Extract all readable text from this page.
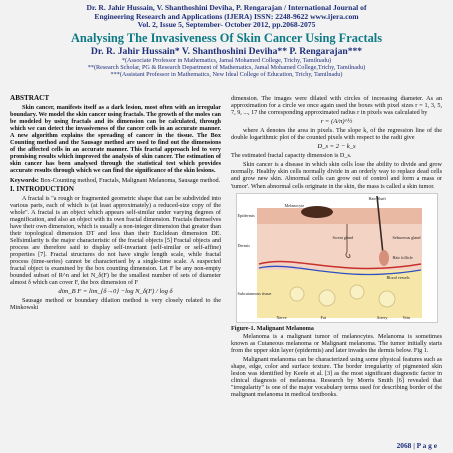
Dr. R. Jahir Hussain, V. Shanthoshini Deviha, P. Rengarajan / International Journal of
Engineering Research and Applications (IJERA) ISSN: 2248-9622 www.ijera.com
Vol. 2, Issue 5, September- October 2012, pp.2068-2075
Analysing The Invasiveness Of Skin Cancer Using Fractals
Dr. R. Jahir Hussain* V. Shanthoshini Deviha** P. Rengarajan***
*(Associate Professor in Mathematics, Jamal Mohamed College, Trichy, Tamilnadu)
**(Research Scholar, PG & Research Department of Mathematics, Jamal Mohamed College,Trichy, Tamilnadu)
***(Assistant Professor in Mathematics, New Ideal College of Education, Trichy, Tamilnadu)
ABSTRACT

Skin cancer, manifests itself as a dark lesion, most often with an irregular boundary. We model the skin cancer using fractals. The growth of the moles can be modeled by using fractals and its dimension can be calculated, through which we can detect the invasiveness of the cancer cells in an accurate manner. A new algorithm explains the spreading of cancer in the tissue. The Box Counting method and the Sausage method are used to find out the dimensions of the affected cells in an accurate manner. This fractal approach led to very promising results which improved the analysis of skin cancer. The estimation of skin cancer has been analysed through the statistical test which provides accurate results through which we can find the significance of the skin lesions.

Keywords: Box-Counting method, Fractals, Malignant Melanoma, Sausage method.

I. INTRODUCTION

A fractal is "a rough or fragmented geometric shape that can be subdivided into various parts, each of which is (at least approximately) a reduced-size copy of the whole". A fractal is an object which appears self-similar under varying degrees of magnification, and also an object with its own fractal dimension. Fractals themselves have their own dimension, which is usually a non-integer dimension that greater than their topological dimension DT and less than their Euclidean dimension DE. Selfsimilarity is the major characteristic of the fractal objects [5] Fractal objects and process are therefore said to display self-invariant (self-similar or self-affine) properties [7]. Fractal structures do not have single length scale, while fractal process (time-series) cannot be characterised by a single-time scale. A suspected fractal object is examined by the box counting dimension. Let F be any non-empty bounded subset of R^n and let N_δ(F) be the smallest number of sets of diameter almost δ which can cover F, the box dimension of F

dim_B F = lim_{δ→0} −log N_δ(F) / log δ

Sausage method or boundary dilation method is very closely related to the Minkowski

dimension. The images were dilated with circles of increasing diameter. As an approximation for a circle we once again used the boxes with pixel sizes r = 1, 3, 5, 7, 9, ..., 17 the corresponding approximated radius r in pixels was calculated by

r = (A/π)^½

where A denotes the area in pixels. The slope k, of the regression line of the double logarithmic plot of the counted pixels with respect to the radii give

D_s = 2 − k_s

The estimated fractal capacity dimension is D_s.

Skin cancer is a disease in which skin cells lose the ability to divide and grow normally. Healthy skin cells normally divide in an orderly way to replace dead cells and grow new skin. Abnormal cells can grow out of control and form a mass or 'tumor'. When abnormal cells originate in the skin, the mass is called a skin tumor.

Hair Shaft
Melanocyte
Epidermis
Dermis
Subcutaneous tissue
Hair follicle
Blood vessels
Nerve	Artery
Fat	Vein
Sweat gland	Sebaceous gland
Figure-1. Malignant Melanoma

Melanoma is a malignant tumor of melanocytes. Melanoma is sometimes known as Cutaneous melanoma or Malignant melanoma. The tumor initially starts from the upper skin layer (epidermis) and later invades the dermis below. Fig 1.

Malignant melanoma can be characterized using some physical features such as shape, edge, color and surface texture. The border irregularity of pigmented skin lesion was identified by Keefe et al. [3] as the most significant diagnostic factor in clinical diagnosis of melanoma. Research by Morris Smith [6] revealed that "irregularity" is one of the major vocabulary terms used for describing border of the malignant melanoma in medical textbooks.

2068 | P a g e
